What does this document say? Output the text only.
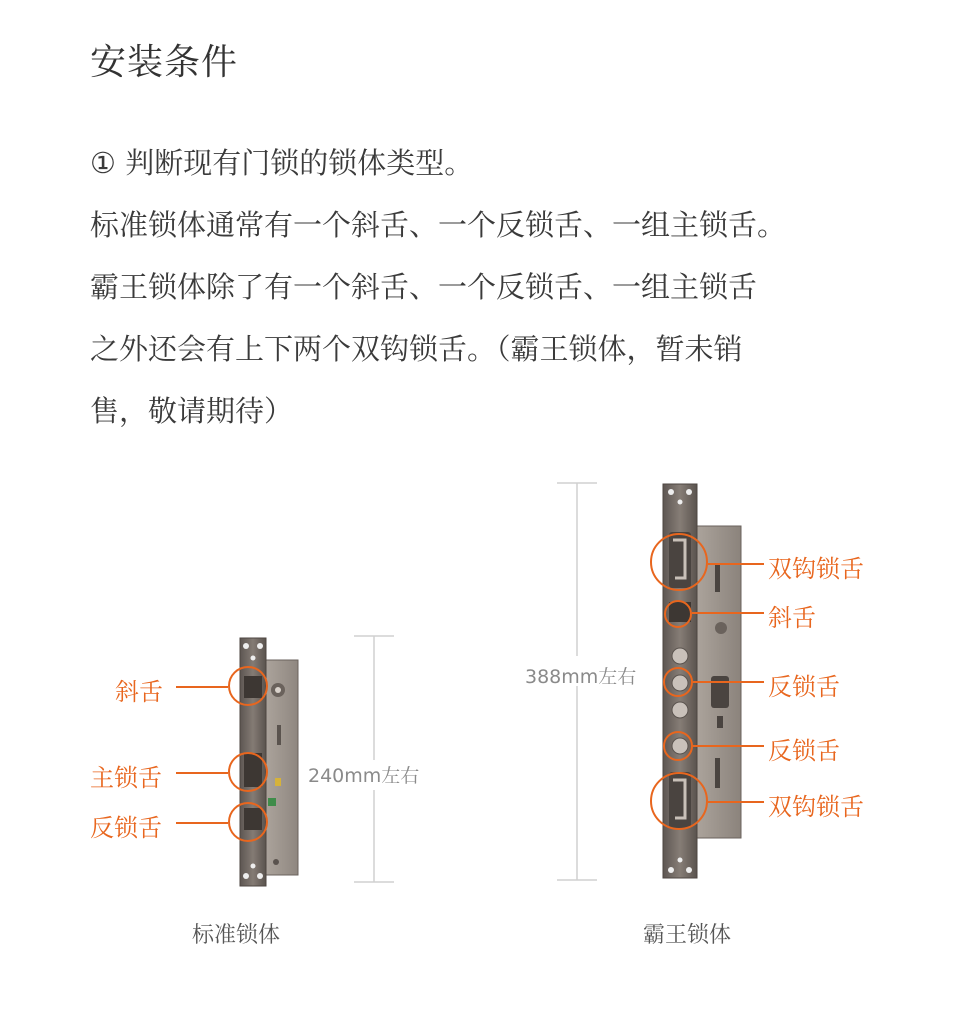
安装条件

① 判断现有门锁的锁体类型。

标准锁体通常有一个斜舌、一个反锁舌、一组主锁舌。

霸王锁体除了有一个斜舌、一个反锁舌、一组主锁舌

之外还会有上下两个双钩锁舌。（霸王锁体，暂未销

售，敬请期待）

斜舌
主锁舌
反锁舌
240mm左右
标准锁体
双钩锁舌
斜舌
反锁舌
反锁舌
双钩锁舌
388mm左右
霸王锁体
